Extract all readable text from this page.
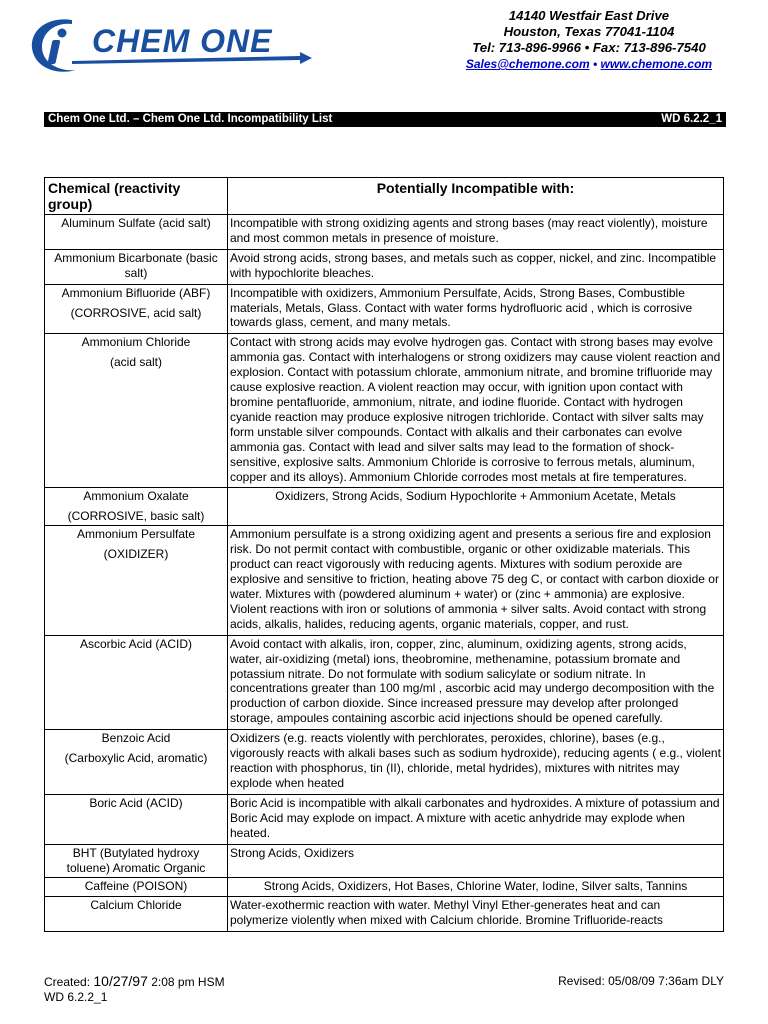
CHEM ONE
14140 Westfair East Drive
Houston, Texas 77041-1104
Tel: 713-896-9966 • Fax: 713-896-7540
Sales@chemone.com • www.chemone.com
Chem One Ltd. – Chem One Ltd. Incompatibility List	WD 6.2.2_1
Chemical (reactivity group)	Potentially Incompatible with:

Aluminum Sulfate (acid salt)	Incompatible with strong oxidizing agents and strong bases (may react violently), moisture and most common metals in presence of moisture.

Ammonium Bicarbonate (basic salt)	Avoid strong acids, strong bases, and metals such as copper, nickel, and zinc. Incompatible with hypochlorite bleaches.

Ammonium Bifluoride (ABF)
(CORROSIVE, acid salt)	Incompatible with oxidizers, Ammonium Persulfate, Acids, Strong Bases, Combustible materials, Metals, Glass. Contact with water forms hydrofluoric acid , which is corrosive towards glass, cement, and many metals.

Ammonium Chloride
(acid salt)	Contact with strong acids may evolve hydrogen gas. Contact with strong bases may evolve ammonia gas. Contact with interhalogens or strong oxidizers may cause violent reaction and explosion. Contact with potassium chlorate, ammonium nitrate, and bromine trifluoride may cause explosive reaction. A violent reaction may occur, with ignition upon contact with bromine pentafluoride, ammonium, nitrate, and iodine fluoride. Contact with hydrogen cyanide reaction may produce explosive nitrogen trichloride. Contact with silver salts may form unstable silver compounds. Contact with alkalis and their carbonates can evolve ammonia gas. Contact with lead and silver salts may lead to the formation of shock-sensitive, explosive salts. Ammonium Chloride is corrosive to ferrous metals, aluminum, copper and its alloys). Ammonium Chloride corrodes most metals at fire temperatures.

Ammonium Oxalate
(CORROSIVE, basic salt)	Oxidizers, Strong Acids, Sodium Hypochlorite + Ammonium Acetate, Metals

Ammonium Persulfate
(OXIDIZER)	Ammonium persulfate is a strong oxidizing agent and presents a serious fire and explosion risk. Do not permit contact with combustible, organic or other oxidizable materials. This product can react vigorously with reducing agents. Mixtures with sodium peroxide are explosive and sensitive to friction, heating above 75 deg C, or contact with carbon dioxide or water. Mixtures with (powdered aluminum + water) or (zinc + ammonia) are explosive. Violent reactions with iron or solutions of ammonia + silver salts. Avoid contact with strong acids, alkalis, halides, reducing agents, organic materials, copper, and rust.

Ascorbic Acid (ACID)	Avoid contact with alkalis, iron, copper, zinc, aluminum, oxidizing agents, strong acids, water, air-oxidizing (metal) ions, theobromine, methenamine, potassium bromate and potassium nitrate. Do not formulate with sodium salicylate or sodium nitrate. In concentrations greater than 100 mg/ml , ascorbic acid may undergo decomposition with the production of carbon dioxide. Since increased pressure may develop after prolonged storage, ampoules containing ascorbic acid injections should be opened carefully.

Benzoic Acid
(Carboxylic Acid, aromatic)	Oxidizers (e.g. reacts violently with perchlorates, peroxides, chlorine), bases (e.g., vigorously reacts with alkali bases such as sodium hydroxide), reducing agents ( e.g., violent reaction with phosphorus, tin (II), chloride, metal hydrides), mixtures with nitrites may explode when heated

Boric Acid (ACID)	Boric Acid is incompatible with alkali carbonates and hydroxides. A mixture of potassium and Boric Acid may explode on impact. A mixture with acetic anhydride may explode when heated.

BHT (Butylated hydroxy
toluene) Aromatic Organic	Strong Acids, Oxidizers

Caffeine (POISON)	Strong Acids, Oxidizers, Hot Bases, Chlorine Water, Iodine, Silver salts, Tannins

Calcium Chloride	Water-exothermic reaction with water. Methyl Vinyl Ether-generates heat and can polymerize violently when mixed with Calcium chloride. Bromine Trifluoride-reacts
Created: 10/27/97 2:08 pm HSM	Revised: 05/08/09 7:36am DLY
WD 6.2.2_1
